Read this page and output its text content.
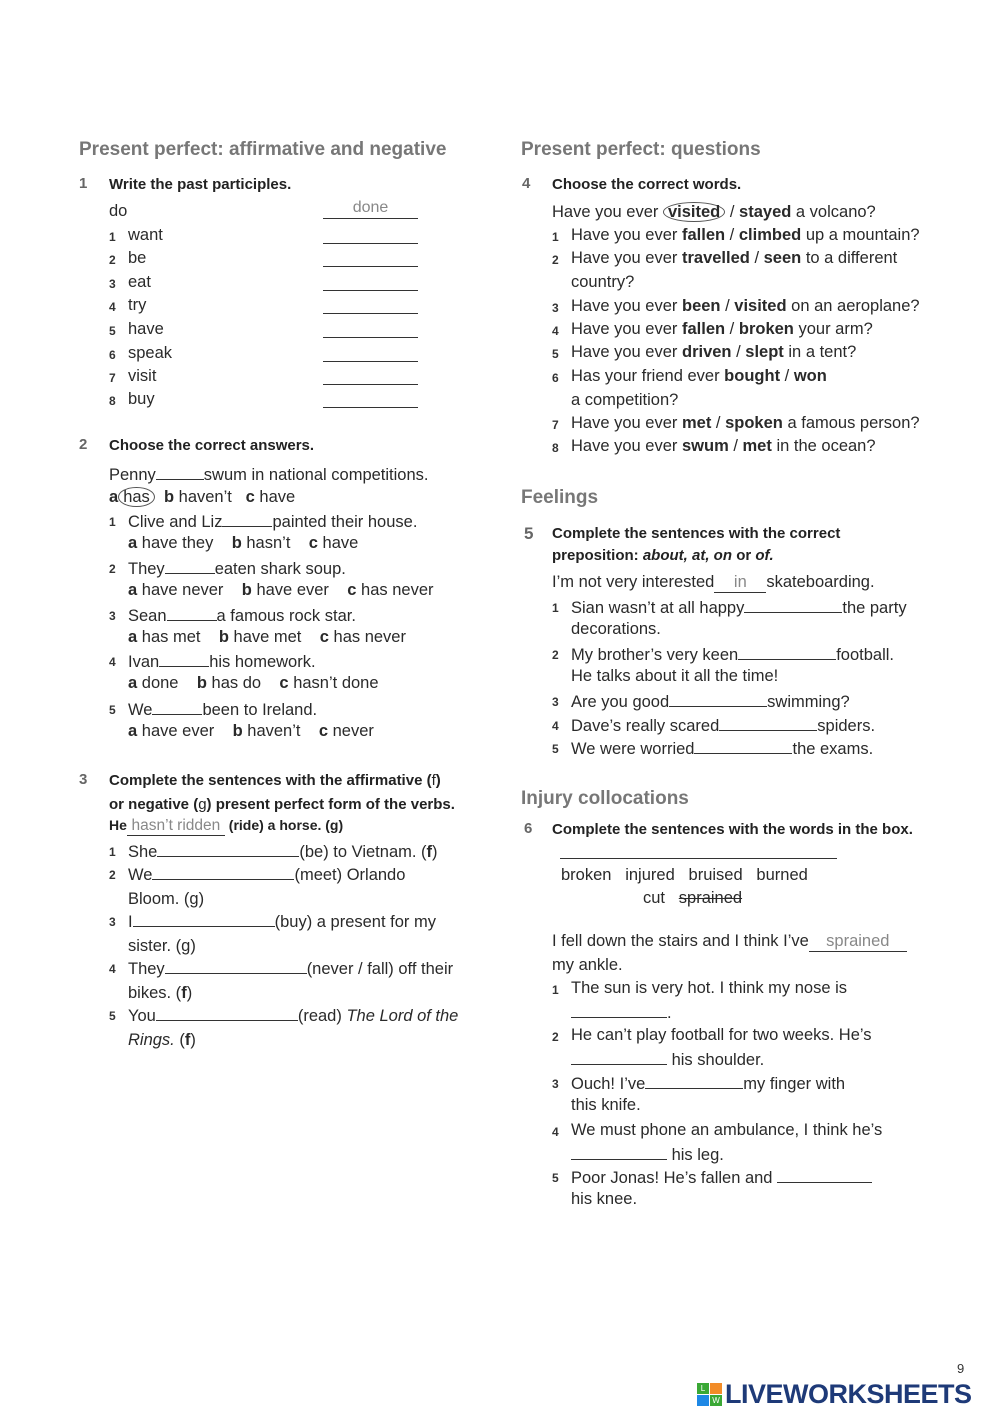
Present perfect: affirmative and negative
1 Write the past participles.
do	done
1 want
2 be
3 eat
4 try
5 have
6 speak
7 visit
8 buy
2 Choose the correct answers.
Penny	swum in national competitions.
a has b haven’t c have
1 Clive and Liz	painted their house.
a have they b hasn’t c have
2 They	eaten shark soup.
a have never b have ever c has never
3 Sean	a famous rock star.
a has met b have met c has never
4 Ivan	his homework.
a done b has do c hasn’t done
5 We	been to Ireland.
a have ever b haven’t c never
3 Complete the sentences with the affirmative (f)
or negative (g) present perfect form of the verbs.
He hasn’t ridden (ride) a horse. (g)
1 She	(be) to Vietnam. (f)
2 We	(meet) Orlando
Bloom. (g)
3 I	(buy) a present for my
sister. (g)
4 They	(never / fall) off their
bikes. (f)
5 You	(read) The Lord of the
Rings. (f)
Present perfect: questions
4 Choose the correct words.
Have you ever visited / stayed a volcano?
1 Have you ever fallen / climbed up a mountain?
2 Have you ever travelled / seen to a different
country?
3 Have you ever been / visited on an aeroplane?
4 Have you ever fallen / broken your arm?
5 Have you ever driven / slept in a tent?
6 Has your friend ever bought / won
a competition?
7 Have you ever met / spoken a famous person?
8 Have you ever swum / met in the ocean?
Feelings
5 Complete the sentences with the correct
preposition: about, at, on or of.
I’m not very interested in skateboarding.
1 Sian wasn’t at all happy	the party
decorations.
2 My brother’s very keen	football.
He talks about it all the time!
3 Are you good	swimming?
4 Dave’s really scared	spiders.
5 We were worried	the exams.
Injury collocations
6 Complete the sentences with the words in the box.
broken injured bruised burned
cut sprained
I fell down the stairs and I think I’ve sprained
my ankle.
1 The sun is very hot. I think my nose is
.
2 He can’t play football for two weeks. He’s
his shoulder.
3 Ouch! I’ve	my finger with
this knife.
4 We must phone an ambulance, I think he’s
his leg.
5 Poor Jonas! He’s fallen and
his knee.
9
L
W LIVEWORKSHEETS
